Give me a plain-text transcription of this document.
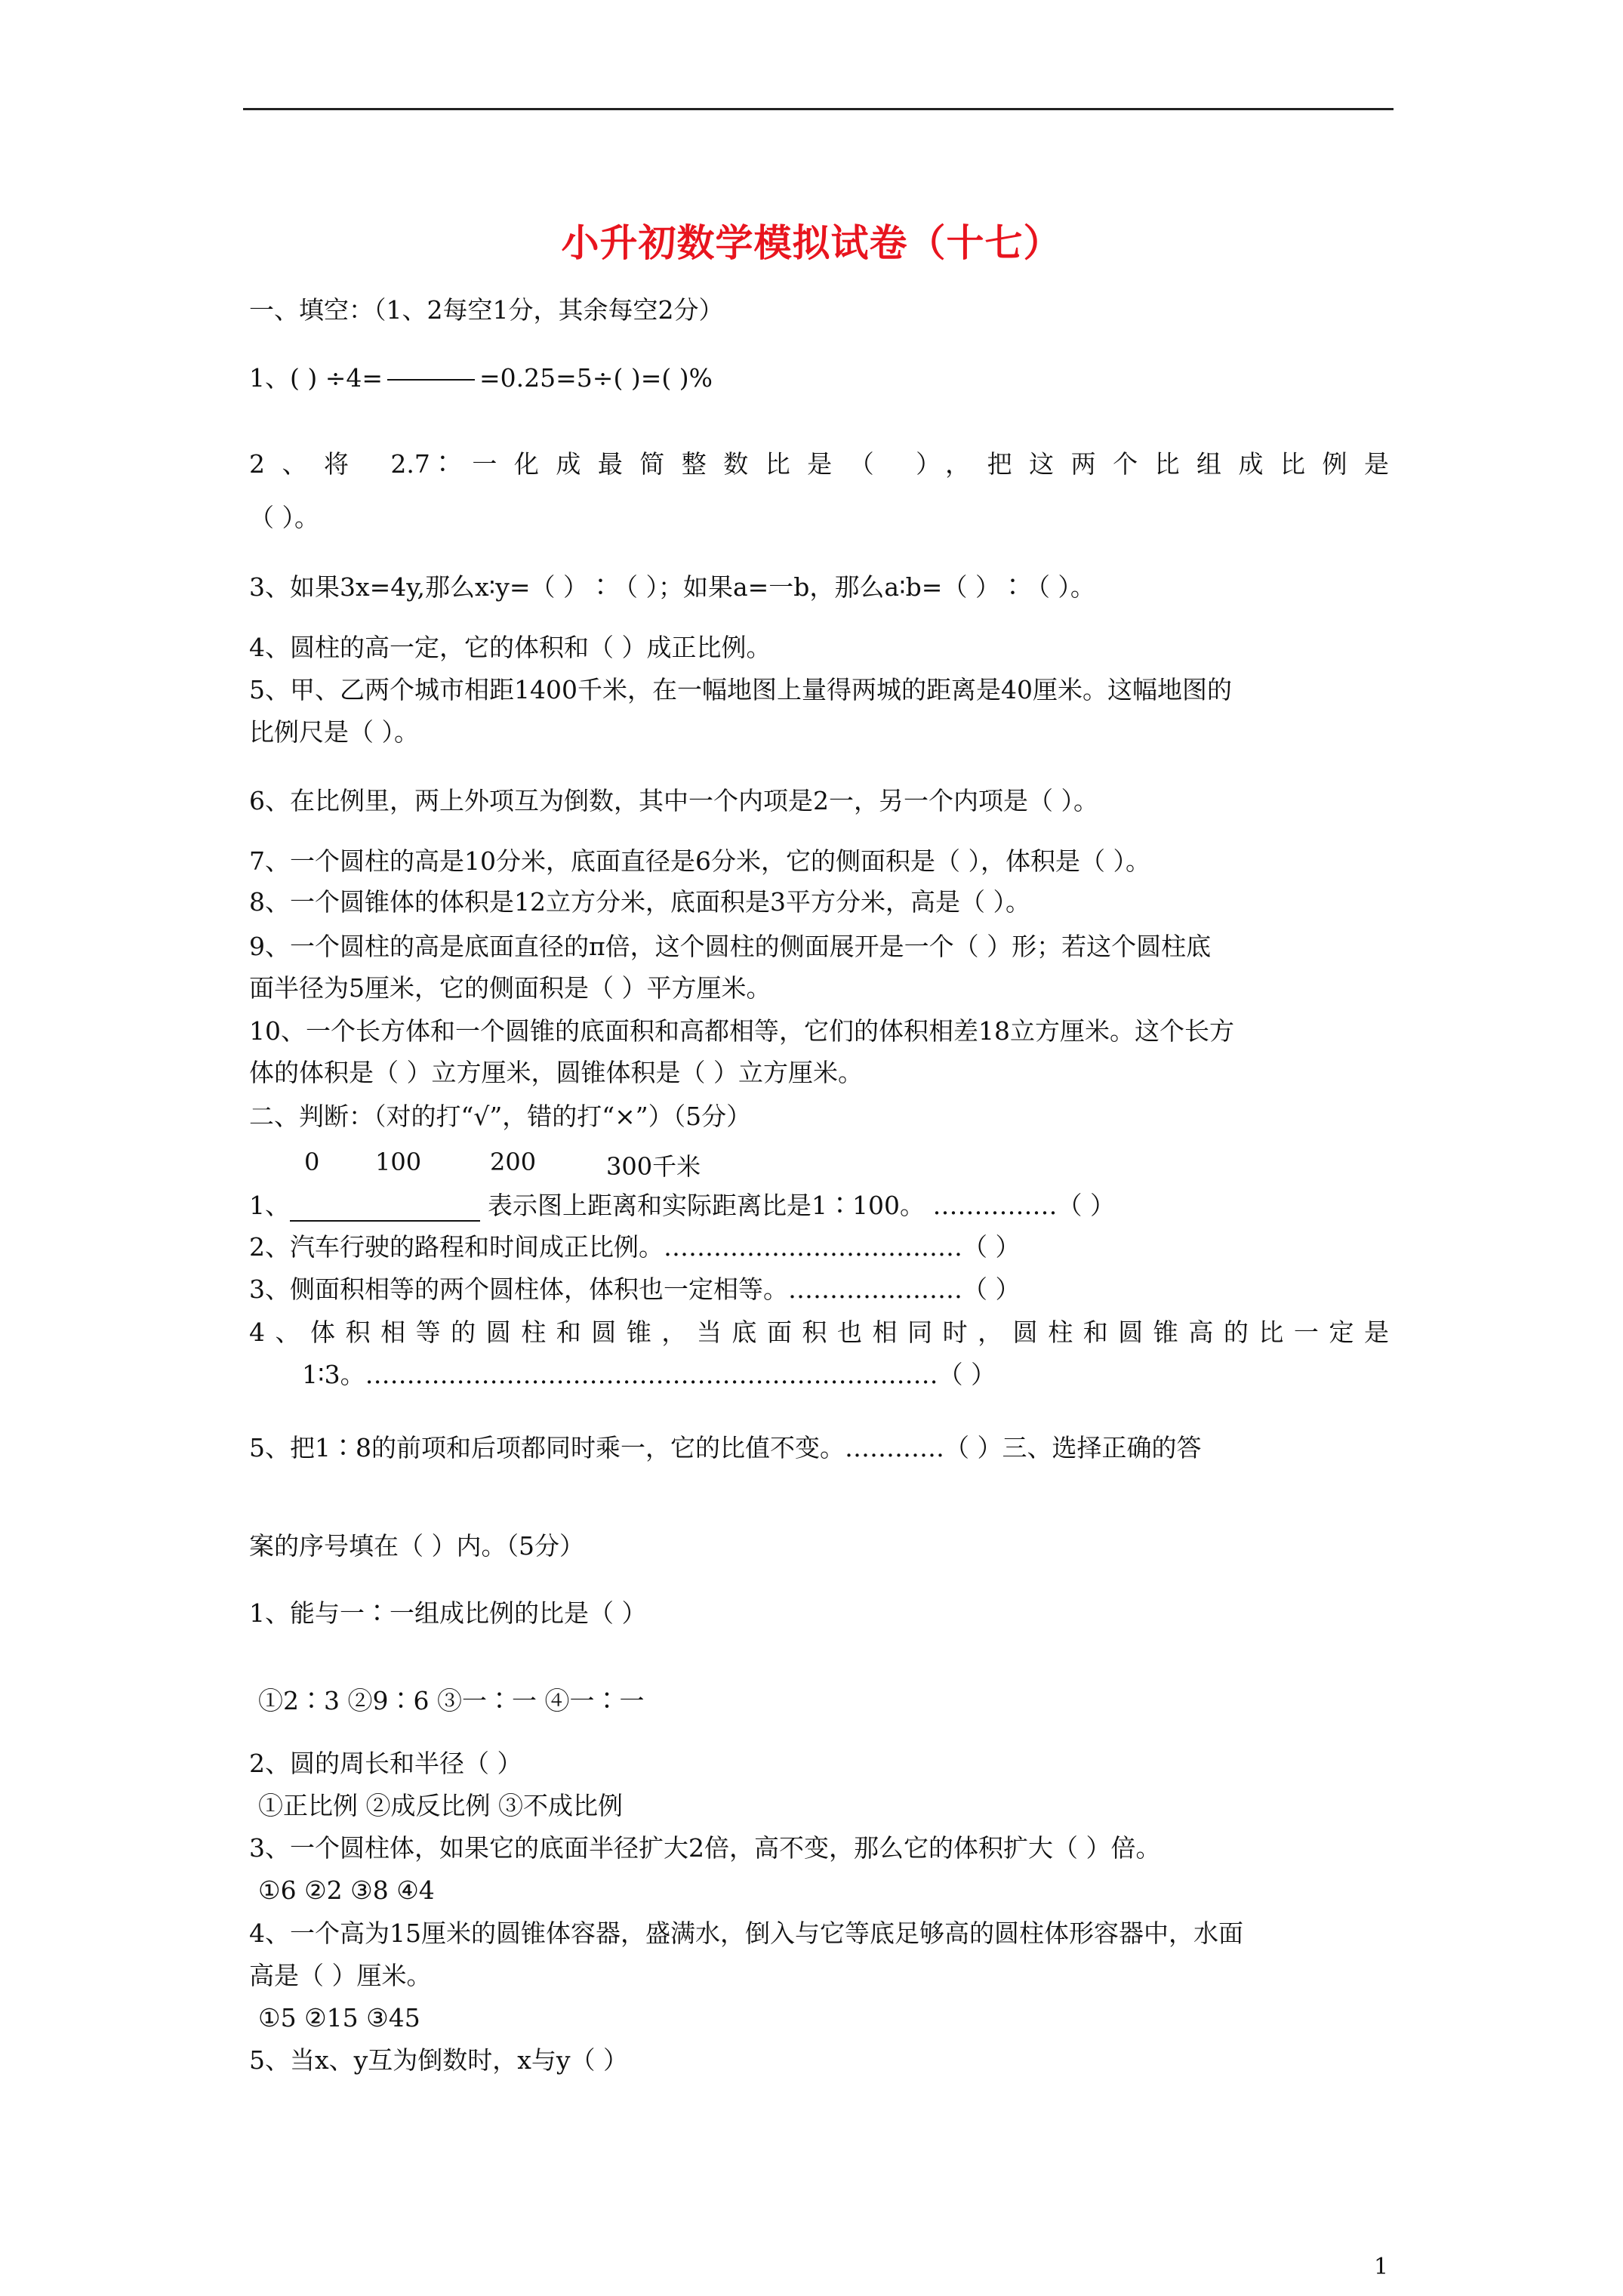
小升初数学模拟试卷（十七）
一、填空：（1、2每空1分，其余每空2分）
1、( ) ÷4=	=0.25=5÷( )=( )%
2、将 2.7∶一化成最简整数比是（ ），把这两个比组成比例是
（ ）。
3、如果3x=4y,那么x∶y=（ ）∶（ ）；如果a=一b，那么a∶b=（ ）∶（ ）。
4、圆柱的高一定，它的体积和（ ）成正比例。
5、甲、乙两个城市相距1400千米，在一幅地图上量得两城的距离是40厘米。这幅地图的
比例尺是（ ）。
6、在比例里，两上外项互为倒数，其中一个内项是2一，另一个内项是（ ）。
7、一个圆柱的高是10分米，底面直径是6分米，它的侧面积是（ ），体积是（ ）。
8、一个圆锥体的体积是12立方分米，底面积是3平方分米，高是（ ）。
9、一个圆柱的高是底面直径的π倍，这个圆柱的侧面展开是一个（ ）形；若这个圆柱底
面半径为5厘米，它的侧面积是（ ）平方厘米。
10、一个长方体和一个圆锥的底面积和高都相等，它们的体积相差18立方厘米。这个长方
体的体积是（ ）立方厘米，圆锥体积是（ ）立方厘米。
二、判断：（对的打“√”，错的打“×”）（5分）
0 100	200	300千米
1、	表示图上距离和实际距离比是1∶100。 ……………（ ）
2、汽车行驶的路程和时间成正比例。………………………………（ ）
3、侧面积相等的两个圆柱体，体积也一定相等。…………………（ ）
4、体积相等的圆柱和圆锥，当底面积也相同时，圆柱和圆锥高的比一定是
1∶3。……………………………………………………………（ ）
5、把1∶8的前项和后项都同时乘一，它的比值不变。…………（ ）三、选择正确的答
案的序号填在（ ）内。（5分）
1、能与一∶一组成比例的比是（ ）
①2∶3 ②9∶6 ③一∶一 ④一∶一
2、圆的周长和半径（ ）
①正比例 ②成反比例 ③不成比例
3、一个圆柱体，如果它的底面半径扩大2倍，高不变，那么它的体积扩大（ ）倍。
①6 ②2 ③8 ④4
4、一个高为15厘米的圆锥体容器，盛满水，倒入与它等底足够高的圆柱体形容器中，水面
高是（ ）厘米。
①5 ②15 ③45
5、当x、y互为倒数时，x与y（ ）
1
